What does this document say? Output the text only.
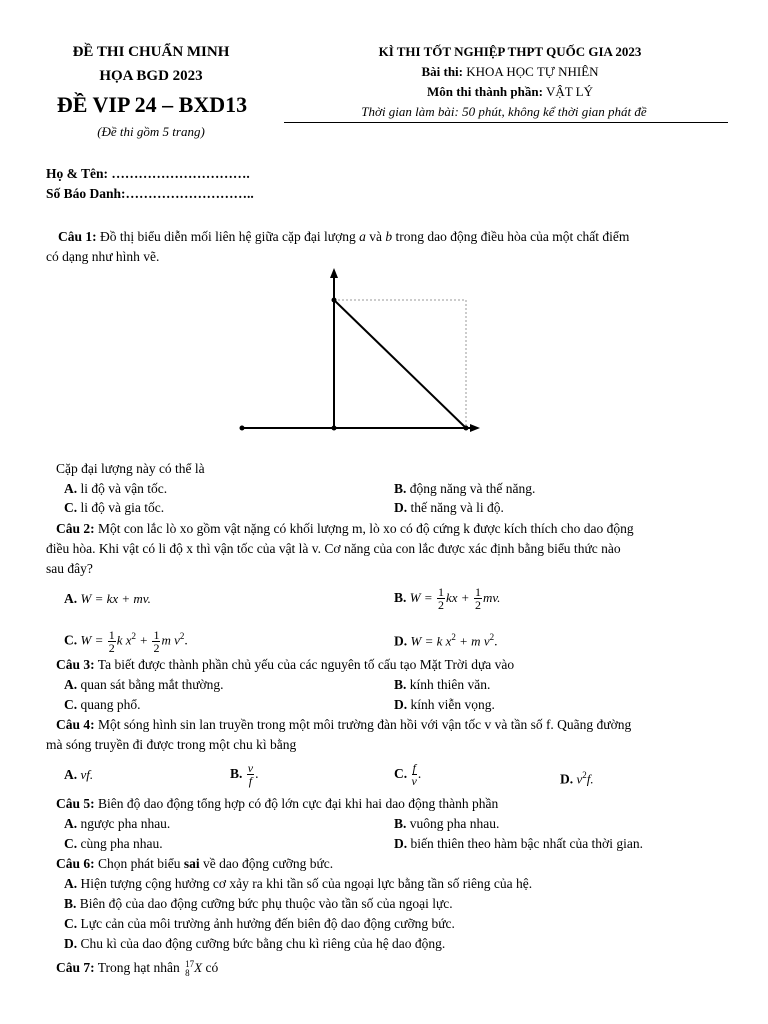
ĐỀ THI CHUẨN MINH
HỌA BGD 2023
ĐỀ VIP 24 – BXD13
(Đề thi gồm 5 trang)
KÌ THI TỐT NGHIỆP THPT QUỐC GIA 2023
Bài thi: KHOA HỌC TỰ NHIÊN
Môn thi thành phần: VẬT LÝ
Thời gian làm bài: 50 phút, không kể thời gian phát đề
Họ & Tên: ………………………….
Số Báo Danh:………………………..
Câu 1: Đồ thị biểu diễn mối liên hệ giữa cặp đại lượng a và b trong dao động điều hòa của một chất điểm
có dạng như hình vẽ.
Cặp đại lượng này có thể là
A. li độ và vận tốc.	B. động năng và thế năng.
C. li độ và gia tốc.	D. thế năng và li độ.
Câu 2: Một con lắc lò xo gồm vật nặng có khối lượng m, lò xo có độ cứng k được kích thích cho dao động
điều hòa. Khi vật có li độ x thì vận tốc của vật là v. Cơ năng của con lắc được xác định bằng biểu thức nào
sau đây?
A. W = kx + mv.	B. $W = \frac{1}{2}$ kx + $\frac{1}{2}$ mv.
C. $W = \frac{1}{2}$ k $x^2 + \frac{1}{2}$ m $v^2$.	D. W = k $x^2 + m$ $v^2$.
Câu 3: Ta biết được thành phần chủ yếu của các nguyên tố cấu tạo Mặt Trời dựa vào
A. quan sát bằng mắt thường.	B. kính thiên văn.
C. quang phổ.	D. kính viễn vọng.
Câu 4: Một sóng hình sin lan truyền trong một môi trường đàn hồi với vận tốc v và tần số f. Quãng đường
mà sóng truyền đi được trong một chu kì bằng
A. vf.	B. $\frac{v}{f}$ .	C. $\frac{f}{v}$ .	D. $v^2f$.
Câu 5: Biên độ dao động tổng hợp có độ lớn cực đại khi hai dao động thành phần
A. ngược pha nhau.	B. vuông pha nhau.
C. cùng pha nhau.	D. biến thiên theo hàm bậc nhất của thời gian.
Câu 6: Chọn phát biểu sai về dao động cưỡng bức.
A. Hiện tượng cộng hưởng cơ xảy ra khi tần số của ngoại lực bằng tần số riêng của hệ.
B. Biên độ của dao động cưỡng bức phụ thuộc vào tần số của ngoại lực.
C. Lực cản của môi trường ảnh hưởng đến biên độ dao động cưỡng bức.
D. Chu kì của dao động cưỡng bức bằng chu kì riêng của hệ dao động.
Câu 7: Trong hạt nhân 17
8 X có
